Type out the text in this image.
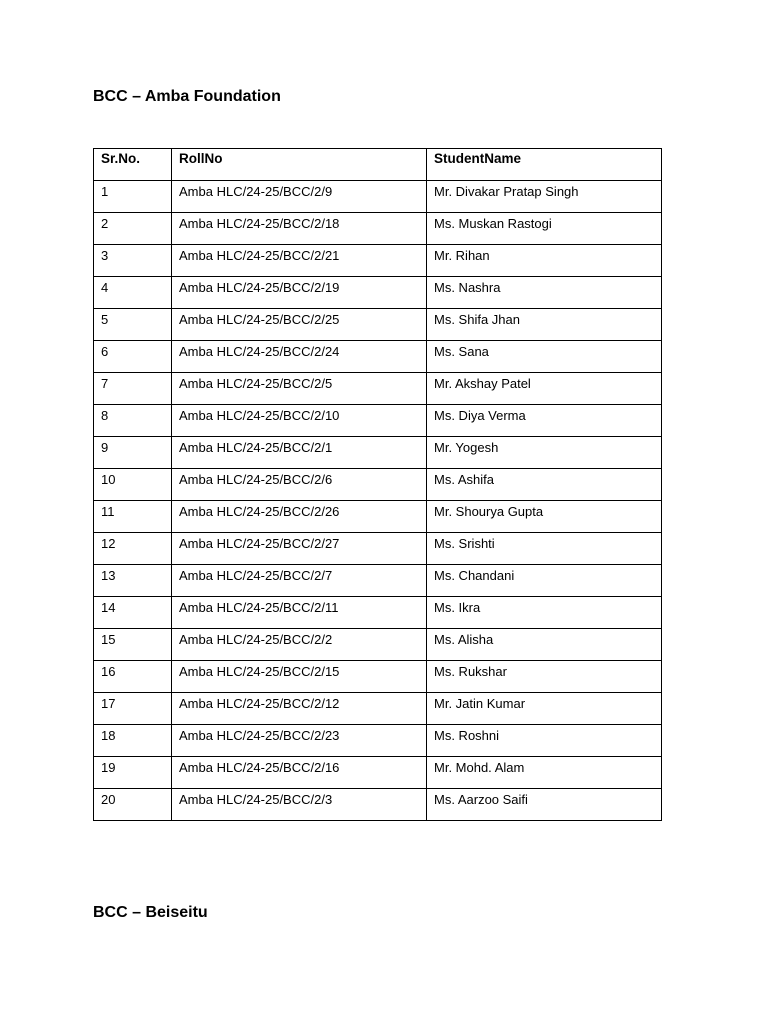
BCC – Amba Foundation
Sr.No.	RollNo	StudentName
1	Amba HLC/24-25/BCC/2/9	Mr. Divakar Pratap Singh
2	Amba HLC/24-25/BCC/2/18	Ms. Muskan Rastogi
3	Amba HLC/24-25/BCC/2/21	Mr. Rihan
4	Amba HLC/24-25/BCC/2/19	Ms. Nashra
5	Amba HLC/24-25/BCC/2/25	Ms. Shifa Jhan
6	Amba HLC/24-25/BCC/2/24	Ms. Sana
7	Amba HLC/24-25/BCC/2/5	Mr. Akshay Patel
8	Amba HLC/24-25/BCC/2/10	Ms. Diya Verma
9	Amba HLC/24-25/BCC/2/1	Mr. Yogesh
10	Amba HLC/24-25/BCC/2/6	Ms. Ashifa
11	Amba HLC/24-25/BCC/2/26	Mr. Shourya Gupta
12	Amba HLC/24-25/BCC/2/27	Ms. Srishti
13	Amba HLC/24-25/BCC/2/7	Ms. Chandani
14	Amba HLC/24-25/BCC/2/11	Ms. Ikra
15	Amba HLC/24-25/BCC/2/2	Ms. Alisha
16	Amba HLC/24-25/BCC/2/15	Ms. Rukshar
17	Amba HLC/24-25/BCC/2/12	Mr. Jatin Kumar
18	Amba HLC/24-25/BCC/2/23	Ms. Roshni
19	Amba HLC/24-25/BCC/2/16	Mr. Mohd. Alam
20	Amba HLC/24-25/BCC/2/3	Ms. Aarzoo Saifi
BCC – Beiseitu
